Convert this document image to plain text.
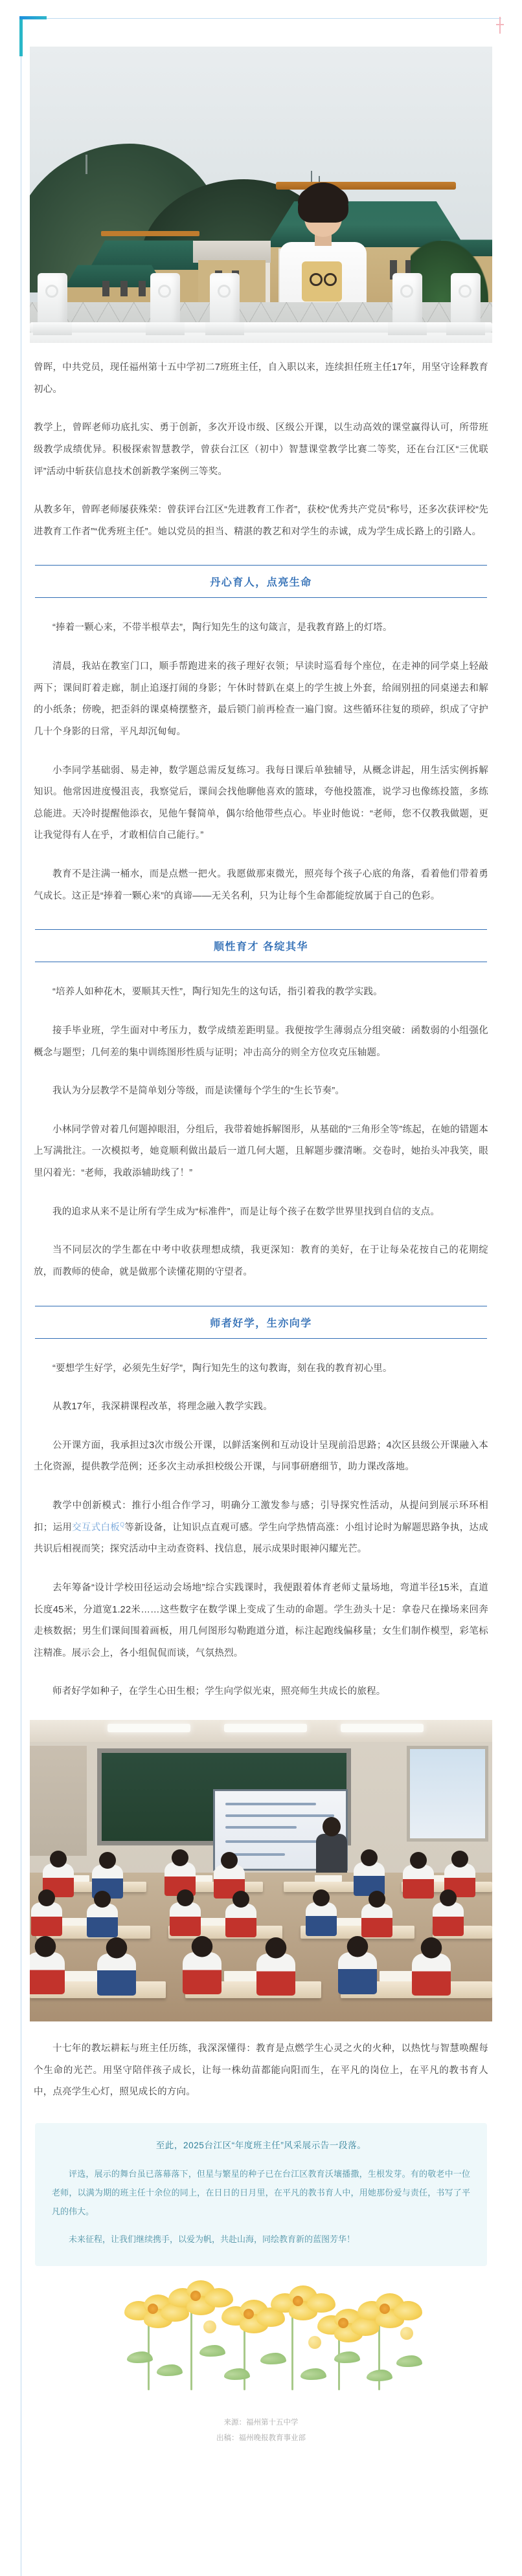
曾晖，中共党员，现任福州第十五中学初二7班班主任，自入职以来，连续担任班主任17年，用坚守诠释教育初心。

教学上，曾晖老师功底扎实、勇于创新，多次开设市级、区级公开课，以生动高效的课堂赢得认可，所带班级教学成绩优异。积极探索智慧教学，曾获台江区（初中）智慧课堂教学比赛二等奖，还在台江区“三优联评”活动中斩获信息技术创新教学案例三等奖。

从教多年，曾晖老师屡获殊荣：曾获评台江区“先进教育工作者”，获校“优秀共产党员”称号，还多次获评校“先进教育工作者”“优秀班主任”。她以党员的担当、精湛的教艺和对学生的赤诚，成为学生成长路上的引路人。

丹心育人，点亮生命

“捧着一颗心来，不带半根草去”，陶行知先生的这句箴言，是我教育路上的灯塔。

清晨，我站在教室门口，顺手帮跑进来的孩子理好衣领；早读时巡看每个座位，在走神的同学桌上轻敲两下；课间盯着走廊，制止追逐打闹的身影；午休时替趴在桌上的学生披上外套，给闹别扭的同桌递去和解的小纸条；傍晚，把歪斜的课桌椅摆整齐，最后锁门前再检查一遍门窗。这些循环往复的琐碎，织成了守护几十个身影的日常，平凡却沉甸甸。

小李同学基础弱、易走神，数学题总需反复练习。我每日课后单独辅导，从概念讲起，用生活实例拆解知识。他常因进度慢沮丧，我察觉后，课间会找他聊他喜欢的篮球，夸他投篮准，说学习也像练投篮，多练总能进。天冷时提醒他添衣，见他午餐简单，偶尔给他带些点心。毕业时他说：“老师，您不仅教我做题，更让我觉得有人在乎，才敢相信自己能行。”

教育不是注满一桶水，而是点燃一把火。我愿做那束微光，照亮每个孩子心底的角落，看着他们带着勇气成长。这正是“捧着一颗心来”的真谛——无关名利，只为让每个生命都能绽放属于自己的色彩。

顺性育才 各绽其华

“培养人如种花木，要顺其天性”，陶行知先生的这句话，指引着我的教学实践。

接手毕业班，学生面对中考压力，数学成绩差距明显。我便按学生薄弱点分组突破：函数弱的小组强化概念与题型；几何差的集中训练图形性质与证明；冲击高分的则全方位攻克压轴题。

我认为分层教学不是简单划分等级，而是读懂每个学生的“生长节奏”。

小林同学曾对着几何题掉眼泪，分组后，我带着她拆解图形，从基础的“三角形全等”练起，在她的错题本上写满批注。一次模拟考，她竟顺利做出最后一道几何大题，且解题步骤清晰。交卷时，她抬头冲我笑，眼里闪着光：“老师，我敢添辅助线了！”

我的追求从来不是让所有学生成为“标准件”，而是让每个孩子在数学世界里找到自信的支点。

当不同层次的学生都在中考中收获理想成绩，我更深知：教育的美好，在于让每朵花按自己的花期绽放，而教师的使命，就是做那个读懂花期的守望者。

师者好学，生亦向学

“要想学生好学，必须先生好学”，陶行知先生的这句教诲，刻在我的教育初心里。

从教17年，我深耕课程改革，将理念融入教学实践。

公开课方面，我承担过3次市级公开课，以鲜活案例和互动设计呈现前沿思路；4次区县级公开课融入本土化资源，提供教学范例；还多次主动承担校级公开课，与同事研磨细节，助力课改落地。

教学中创新模式：推行小组合作学习，明确分工激发参与感；引导探究性活动，从提问到展示环环相扣；运用交互式白板$^Q$等新设备，让知识点直观可感。学生向学热情高涨：小组讨论时为解题思路争执，达成共识后相视而笑；探究活动中主动查资料、找信息，展示成果时眼神闪耀光芒。

去年筹备“设计学校田径运动会场地”综合实践课时，我便跟着体育老师丈量场地，弯道半径15米，直道长度45米，分道宽1.22米……这些数字在数学课上变成了生动的命题。学生劲头十足：拿卷尺在操场来回奔走核数据；男生们课间围着画板，用几何图形勾勒跑道分道，标注起跑线偏移量；女生们制作模型，彩笔标注精准。展示会上，各小组侃侃而谈，气氛热烈。

师者好学如种子，在学生心田生根；学生向学似光束，照亮师生共成长的旅程。

十七年的教坛耕耘与班主任历练，我深深懂得：教育是点燃学生心灵之火的火种，以热忱与智慧唤醒每个生命的光芒。用坚守陪伴孩子成长，让每一株幼苗都能向阳而生，在平凡的岗位上，在平凡的教书育人中，点亮学生心灯，照见成长的方向。

至此，2025台江区“年度班主任”风采展示告一段落。
评选，展示的舞台虽已落幕落下，但星与繁星的种子已在台江区教育沃壤播撒，生根发芽。有的敬老中一位老师，以满为期的班主任十余位的同上，在日日的日月里，在平凡的教书育人中，用她那份爱与责任，书写了平凡的伟大。
未来征程，让我们继续携手，以爱为帆，共赴山海，同绘教育新的蓝图芳华！
来源：福州第十五中学
出稿：福州晚报教育事业部
